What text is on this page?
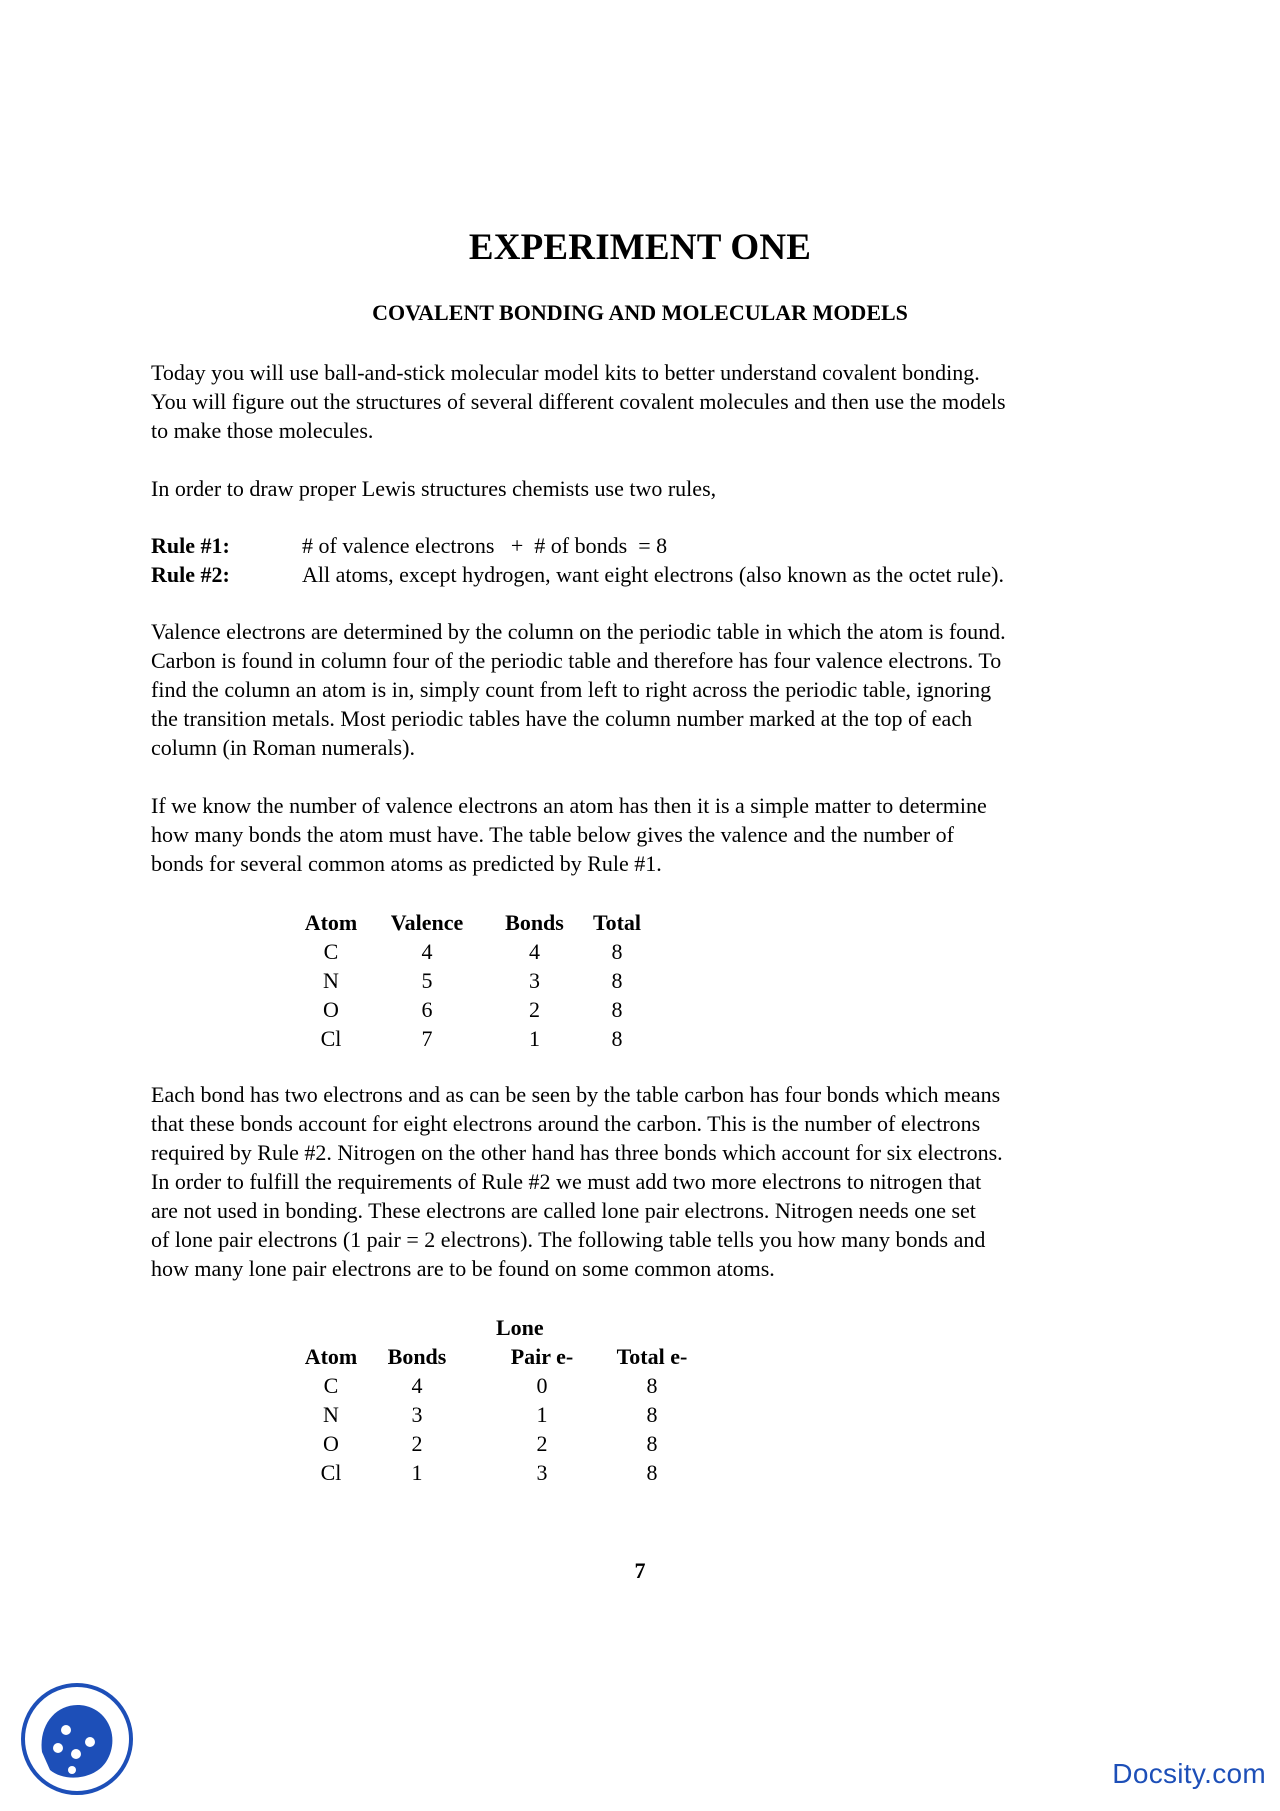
EXPERIMENT ONE
COVALENT BONDING AND MOLECULAR MODELS
Today you will use ball-and-stick molecular model kits to better understand covalent bonding.
You will figure out the structures of several different covalent molecules and then use the models
to make those molecules.
In order to draw proper Lewis structures chemists use two rules,
Rule #1:	# of valence electrons   +  # of bonds  = 8
Rule #2:	All atoms, except hydrogen, want eight electrons (also known as the octet rule).
Valence electrons are determined by the column on the periodic table in which the atom is found.
Carbon is found in column four of the periodic table and therefore has four valence electrons. To
find the column an atom is in, simply count from left to right across the periodic table, ignoring
the transition metals. Most periodic tables have the column number marked at the top of each
column (in Roman numerals).
If we know the number of valence electrons an atom has then it is a simple matter to determine
how many bonds the atom must have. The table below gives the valence and the number of
bonds for several common atoms as predicted by Rule #1.
Atom	Valence	Bonds	Total
C	4	4	8
N	5	3	8
O	6	2	8
Cl	7	1	8
Each bond has two electrons and as can be seen by the table carbon has four bonds which means
that these bonds account for eight electrons around the carbon. This is the number of electrons
required by Rule #2. Nitrogen on the other hand has three bonds which account for six electrons.
In order to fulfill the requirements of Rule #2 we must add two more electrons to nitrogen that
are not used in bonding. These electrons are called lone pair electrons. Nitrogen needs one set
of lone pair electrons (1 pair = 2 electrons). The following table tells you how many bonds and
how many lone pair electrons are to be found on some common atoms.
		Lone	
Atom	Bonds	Pair e-	Total e-
C	4	0	8
N	3	1	8
O	2	2	8
Cl	1	3	8
7
Docsity.com
